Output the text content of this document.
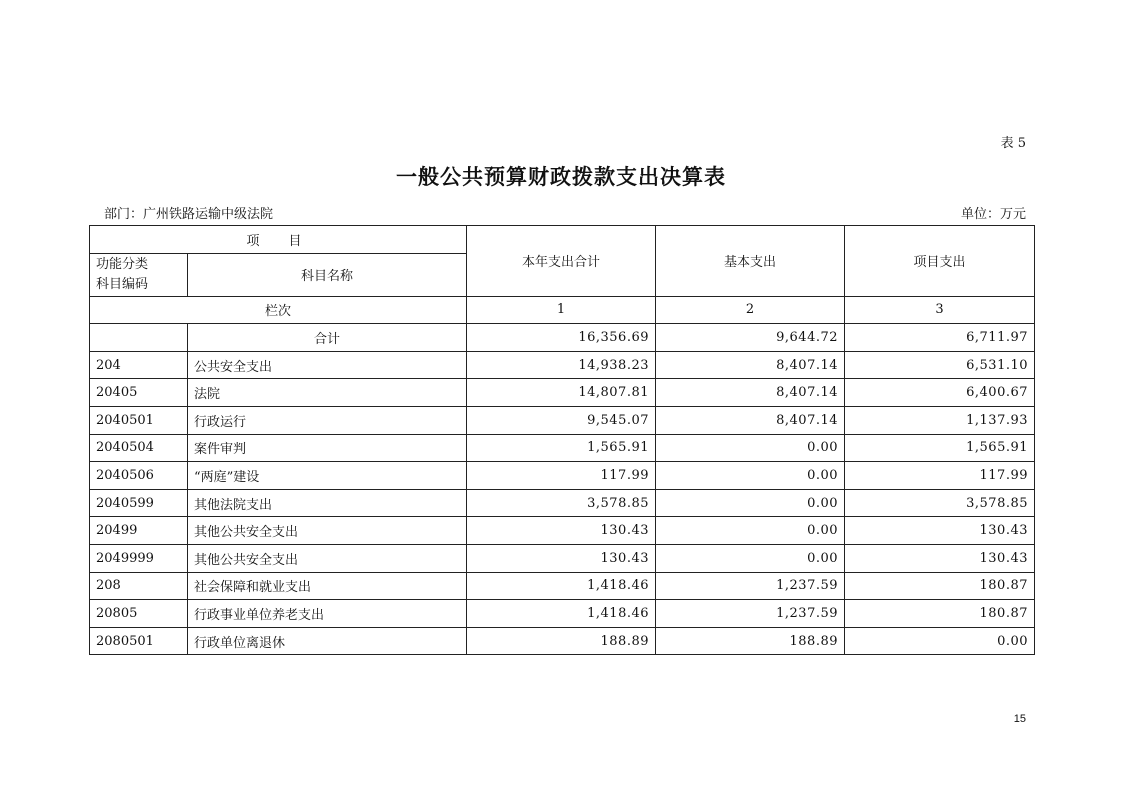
表 5
一般公共预算财政拨款支出决算表
部门：广州铁路运输中级法院	单位：万元
项　目		本年支出合计	基本支出	项目支出

功能分类
科目编码	科目名称			
栏次		1	2	3
	合计	16,356.69	9,644.72	6,711.97
204	公共安全支出	14,938.23	8,407.14	6,531.10
20405	法院	14,807.81	8,407.14	6,400.67
2040501	行政运行	9,545.07	8,407.14	1,137.93
2040504	案件审判	1,565.91	0.00	1,565.91
2040506	“两庭”建设	117.99	0.00	117.99
2040599	其他法院支出	3,578.85	0.00	3,578.85
20499	其他公共安全支出	130.43	0.00	130.43
2049999	其他公共安全支出	130.43	0.00	130.43
208	社会保障和就业支出	1,418.46	1,237.59	180.87
20805	行政事业单位养老支出	1,418.46	1,237.59	180.87
2080501	行政单位离退休	188.89	188.89	0.00
15
